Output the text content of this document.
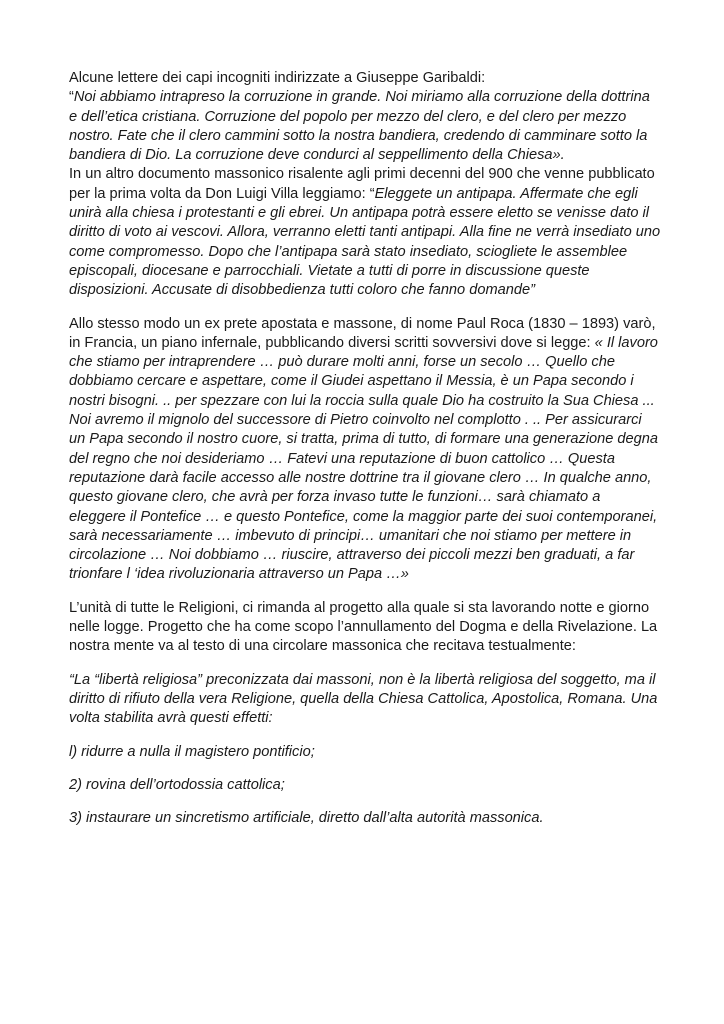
Alcune lettere dei capi incogniti indirizzate a Giuseppe Garibaldi:
“Noi abbiamo intrapreso la corruzione in grande. Noi miriamo alla corruzione della dottrina e dell’etica cristiana. Corruzione del popolo per mezzo del clero, e del clero per mezzo nostro. Fate che il clero cammini sotto la nostra bandiera, credendo di camminare sotto la bandiera di Dio. La corruzione deve condurci al seppellimento della Chiesa».
In un altro documento massonico risalente agli primi decenni del 900 che venne pubblicato per la prima volta da Don Luigi Villa leggiamo: “Eleggete un antipapa. Affermate che egli unirà alla chiesa i protestanti e gli ebrei. Un antipapa potrà essere eletto se venisse dato il diritto di voto ai vescovi. Allora, verranno eletti tanti antipapi. Alla fine ne verrà insediato uno come compromesso. Dopo che l’antipapa sarà stato insediato, sciogliete le assemblee episcopali, diocesane e parrocchiali. Vietate a tutti di porre in discussione queste disposizioni. Accusate di disobbedienza tutti coloro che fanno domande”

Allo stesso modo un ex prete apostata e massone, di nome Paul Roca (1830 – 1893) varò, in Francia, un piano infernale, pubblicando diversi scritti sovversivi dove si legge: « Il lavoro che stiamo per intraprendere … può durare molti anni, forse un secolo … Quello che dobbiamo cercare e aspettare, come il Giudei aspettano il Messia, è un Papa secondo i nostri bisogni. .. per spezzare con lui la roccia sulla quale Dio ha costruito la Sua Chiesa ... Noi avremo il mignolo del successore di Pietro coinvolto nel complotto . .. Per assicurarci un Papa secondo il nostro cuore, si tratta, prima di tutto, di formare una generazione degna del regno che noi desideriamo … Fatevi una reputazione di buon cattolico … Questa reputazione darà facile accesso alle nostre dottrine tra il giovane clero … In qualche anno, questo giovane clero, che avrà per forza invaso tutte le funzioni… sarà chiamato a eleggere il Pontefice … e questo Pontefice, come la maggior parte dei suoi contemporanei, sarà necessariamente … imbevuto di principi… umanitari che noi stiamo per mettere in circolazione … Noi dobbiamo … riuscire, attraverso dei piccoli mezzi ben graduati, a far trionfare l ‘idea rivoluzionaria attraverso un Papa …»

L’unità di tutte le Religioni, ci rimanda al progetto alla quale si sta lavorando notte e giorno nelle logge. Progetto che ha come scopo l’annullamento del Dogma e della Rivelazione. La nostra mente va al testo di una circolare massonica che recitava testualmente:

“La “libertà religiosa” preconizzata dai massoni, non è la libertà religiosa del soggetto, ma il diritto di rifiuto della vera Religione, quella della Chiesa Cattolica, Apostolica, Romana. Una volta stabilita avrà questi effetti:

l) ridurre a nulla il magistero pontificio;

2) rovina dell’ortodossia cattolica;

3) instaurare un sincretismo artificiale, diretto dall’alta autorità massonica.
